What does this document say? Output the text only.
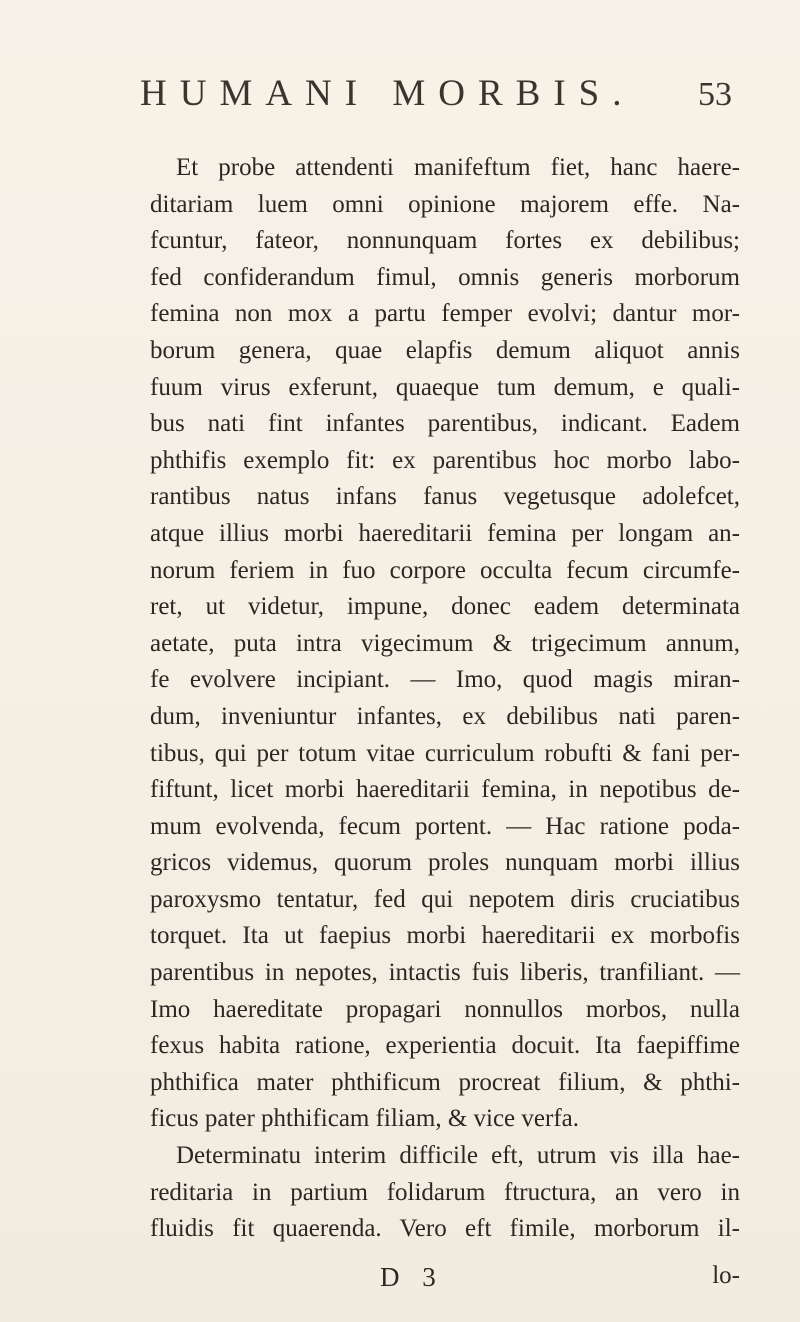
HUMANI MORBIS. 53
Et probe attendenti manifeftum fiet, hanc haere-
ditariam luem omni opinione majorem effe. Na-
fcuntur, fateor, nonnunquam fortes ex debilibus;
fed confiderandum fimul, omnis generis morborum
femina non mox a partu femper evolvi; dantur mor-
borum genera, quae elapfis demum aliquot annis
fuum virus exferunt, quaeque tum demum, e quali-
bus nati fint infantes parentibus, indicant. Eadem
phthifis exemplo fit: ex parentibus hoc morbo labo-
rantibus natus infans fanus vegetusque adolefcet,
atque illius morbi haereditarii femina per longam an-
norum feriem in fuo corpore occulta fecum circumfe-
ret, ut videtur, impune, donec eadem determinata
aetate, puta intra vigecimum & trigecimum annum,
fe evolvere incipiant. — Imo, quod magis miran-
dum, inveniuntur infantes, ex debilibus nati paren-
tibus, qui per totum vitae curriculum robufti & fani per-
fiftunt, licet morbi haereditarii femina, in nepotibus de-
mum evolvenda, fecum portent. — Hac ratione poda-
gricos videmus, quorum proles nunquam morbi illius
paroxysmo tentatur, fed qui nepotem diris cruciatibus
torquet. Ita ut faepius morbi haereditarii ex morbofis
parentibus in nepotes, intactis fuis liberis, tranfiliant. —
Imo haereditate propagari nonnullos morbos, nulla
fexus habita ratione, experientia docuit. Ita faepiffime
phthifica mater phthificum procreat filium, & phthi-
ficus pater phthificam filiam, & vice verfa.
Determinatu interim difficile eft, utrum vis illa hae-
reditaria in partium folidarum ftructura, an vero in
fluidis fit quaerenda. Vero eft fimile, morborum il-
D 3	lo-
